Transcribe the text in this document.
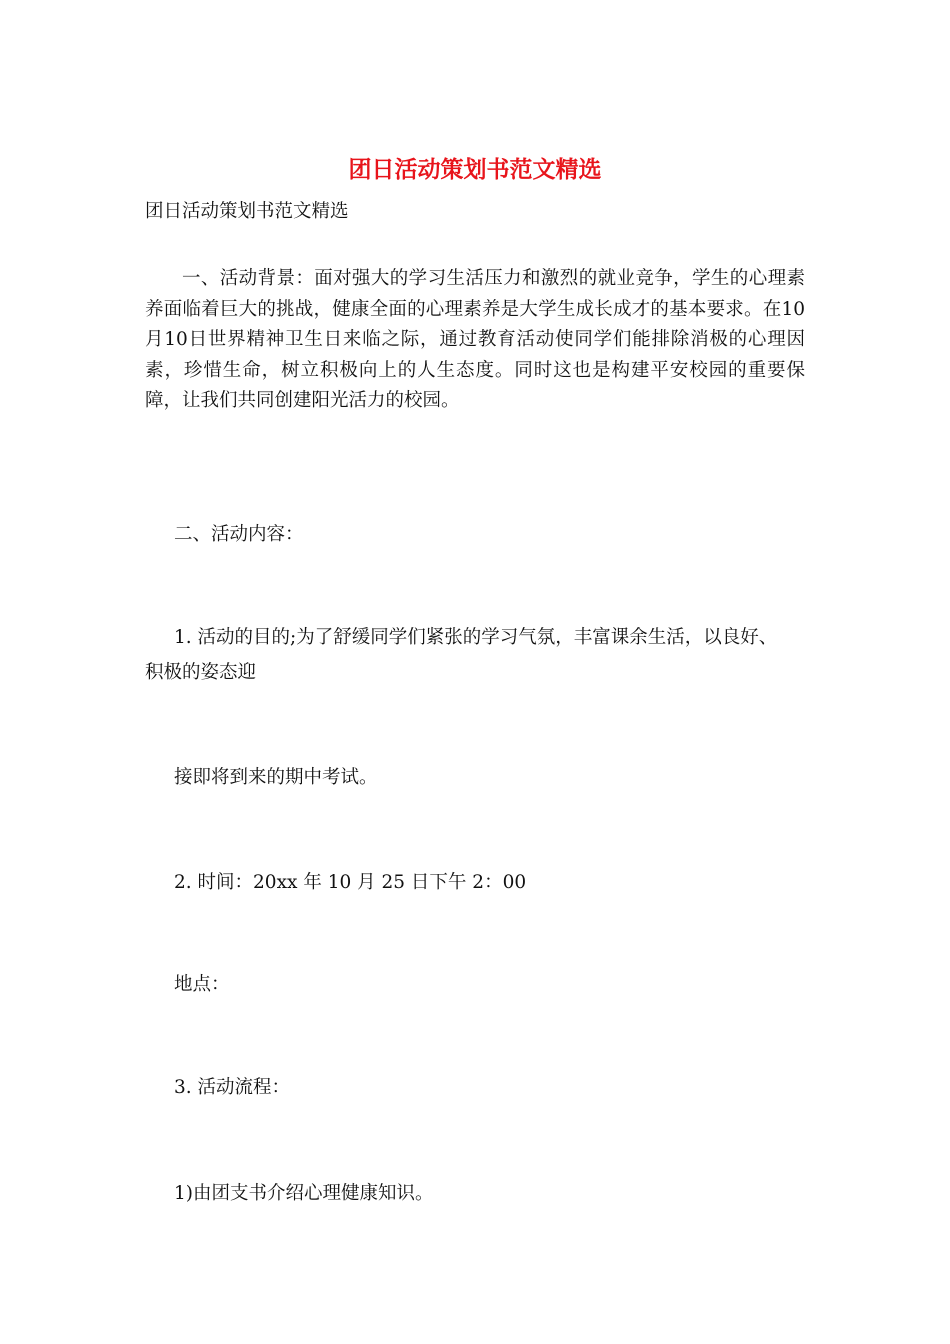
团日活动策划书范文精选
团日活动策划书范文精选
一、活动背景：面对强大的学习生活压力和激烈的就业竞争，学生的心理素养面临着巨大的挑战，健康全面的心理素养是大学生成长成才的基本要求。在10月10日世界精神卫生日来临之际，通过教育活动使同学们能排除消极的心理因素，珍惜生命，树立积极向上的人生态度。同时这也是构建平安校园的重要保障，让我们共同创建阳光活力的校园。
二、活动内容：
1. 活动的目的;为了舒缓同学们紧张的学习气氛，丰富课余生活，以良好、
积极的姿态迎
接即将到来的期中考试。
2. 时间：20xx 年 10 月 25 日下午 2：00
地点：
3. 活动流程：
1)由团支书介绍心理健康知识。
